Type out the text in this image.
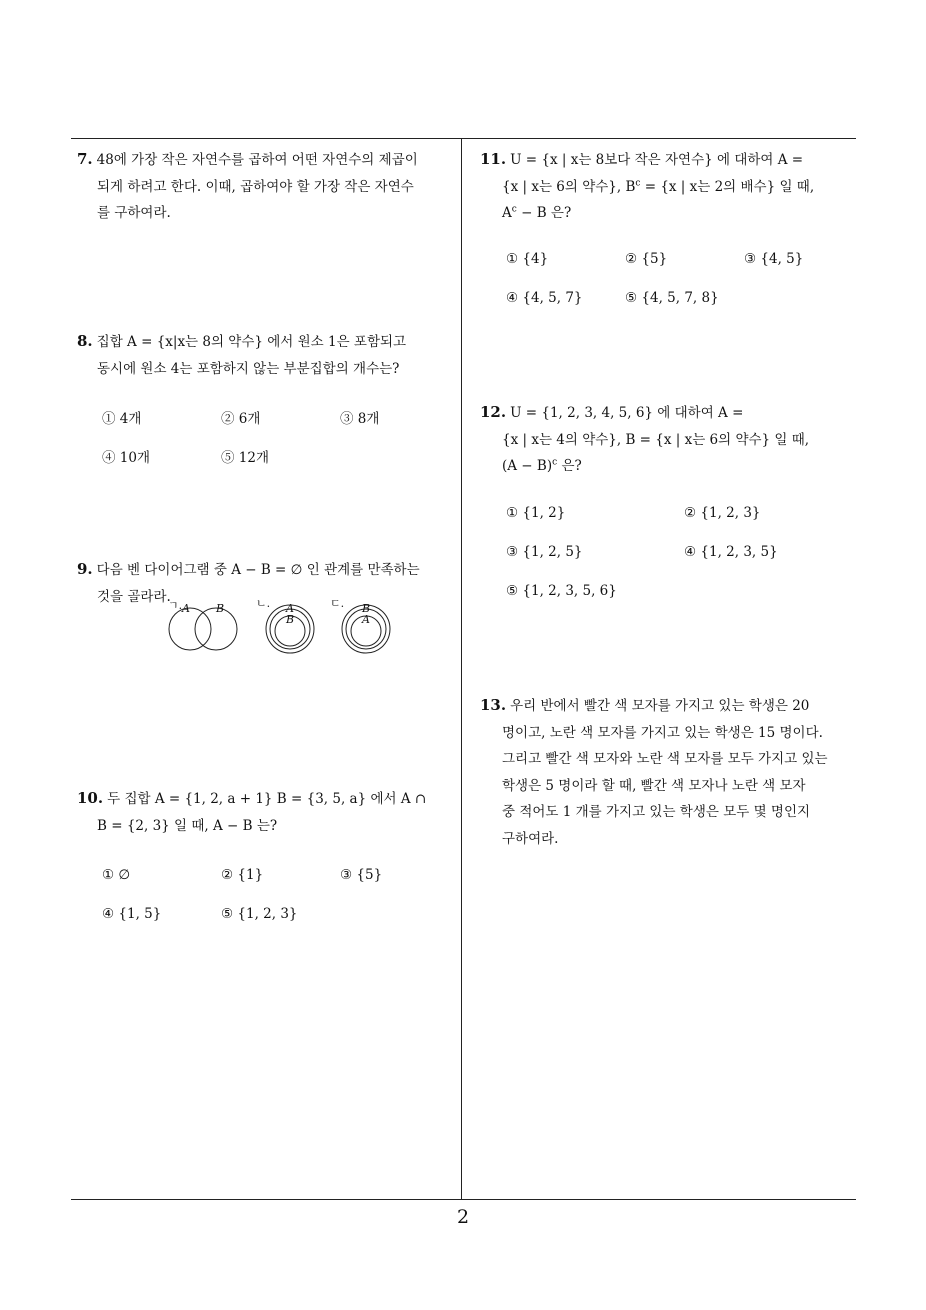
7. 48에 가장 작은 자연수를 곱하여 어떤 자연수의 제곱이
되게 하려고 한다. 이때, 곱하여야 할 가장 작은 자연수
를 구하여라.
8. 집합 A = {x|x는 8의 약수} 에서 원소 1은 포함되고
동시에 원소 4는 포함하지 않는 부분집합의 개수는?
① 4개	② 6개	③ 8개
④ 10개	⑤ 12개
9. 다음 벤 다이어그램 중 A − B = ∅ 인 관계를 만족하는
것을 골라라.
ㄱ. A B	ㄴ. A
B
ㄷ. B
A
10. 두 집합 A = {1, 2, a + 1} B = {3, 5, a} 에서 A ∩
B = {2, 3} 일 때, A − B 는?
① ∅	② {1}	③ {5}
④ {1, 5}	⑤ {1, 2, 3}
11. U = {x | x는 8보다 작은 자연수} 에 대하여 A =
{x | x는 6의 약수}, $B^c = \{x$ | x는 2의 배수} 일 때,
$A^c - B$ 은?
① {4}	② {5}	③ {4, 5}
④ {4, 5, 7}	⑤ {4, 5, 7, 8}
12. U = {1, 2, 3, 4, 5, 6} 에 대하여 A =
{x | x는 4의 약수}, B = {x | x는 6의 약수} 일 때,
$(A - B)^c$ 은?
① {1, 2}	② {1, 2, 3}
③ {1, 2, 5}	④ {1, 2, 3, 5}
⑤ {1, 2, 3, 5, 6}
13. 우리 반에서 빨간 색 모자를 가지고 있는 학생은 20
명이고, 노란 색 모자를 가지고 있는 학생은 15 명이다.
그리고 빨간 색 모자와 노란 색 모자를 모두 가지고 있는
학생은 5 명이라 할 때, 빨간 색 모자나 노란 색 모자
중 적어도 1 개를 가지고 있는 학생은 모두 몇 명인지
구하여라.
2
